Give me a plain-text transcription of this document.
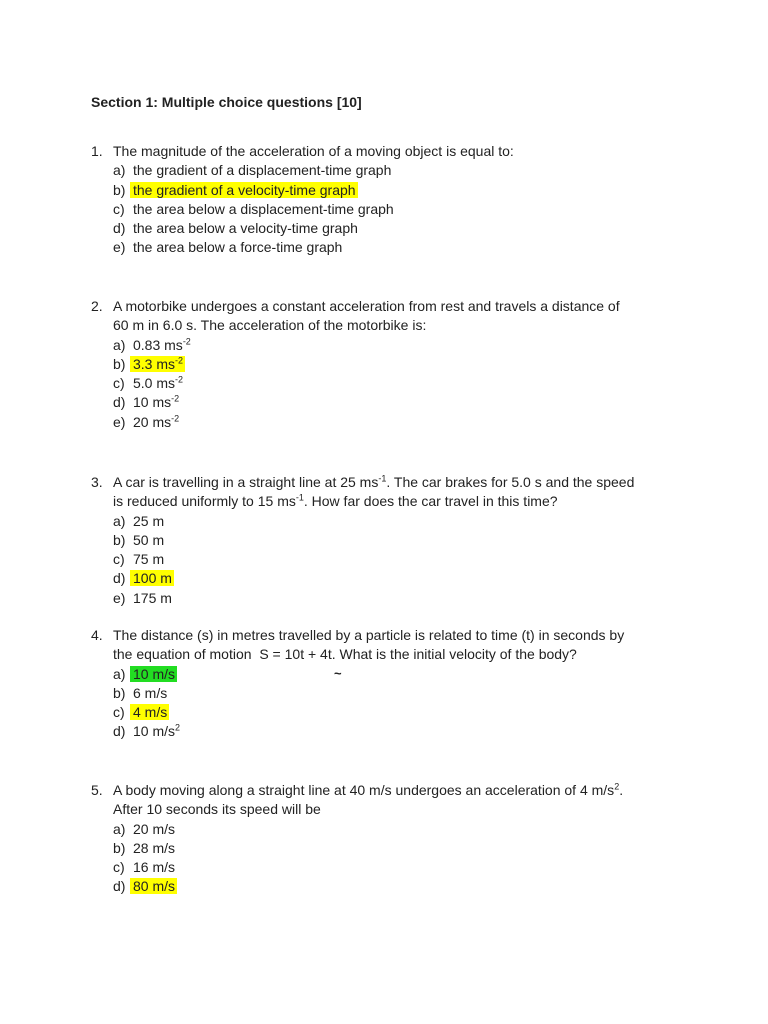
Section 1: Multiple choice questions [10]
1. The magnitude of the acceleration of a moving object is equal to:
a) the gradient of a displacement-time graph
b) the gradient of a velocity-time graph
c) the area below a displacement-time graph
d) the area below a velocity-time graph
e) the area below a force-time graph
2. A motorbike undergoes a constant acceleration from rest and travels a distance of
60 m in 6.0 s. The acceleration of the motorbike is:
a) 0.83 $ms^{-2}$
b) 3.3 $ms^{-2}$
c) 5.0 $ms^{-2}$
d) 10 $ms^{-2}$
e) 20 $ms^{-2}$
3. A car is travelling in a straight line at 25 $ms^{-1}$. The car brakes for 5.0 s and the speed
is reduced uniformly to 15 $ms^{-1}$. How far does the car travel in this time?
a) 25 m
b) 50 m
c) 75 m
d) 100 m
e) 175 m
4. The distance (s) in metres travelled by a particle is related to time (t) in seconds by
the equation of motion  S = 10t + 4t. What is the initial velocity of the body?
a) 10 m/s
b) 6 m/s
c) 4 m/s
d) 10 $m/s^2$
~
5. A body moving along a straight line at 40 m/s undergoes an acceleration of 4 $m/s^2$.
After 10 seconds its speed will be
a) 20 m/s
b) 28 m/s
c) 16 m/s
d) 80 m/s
